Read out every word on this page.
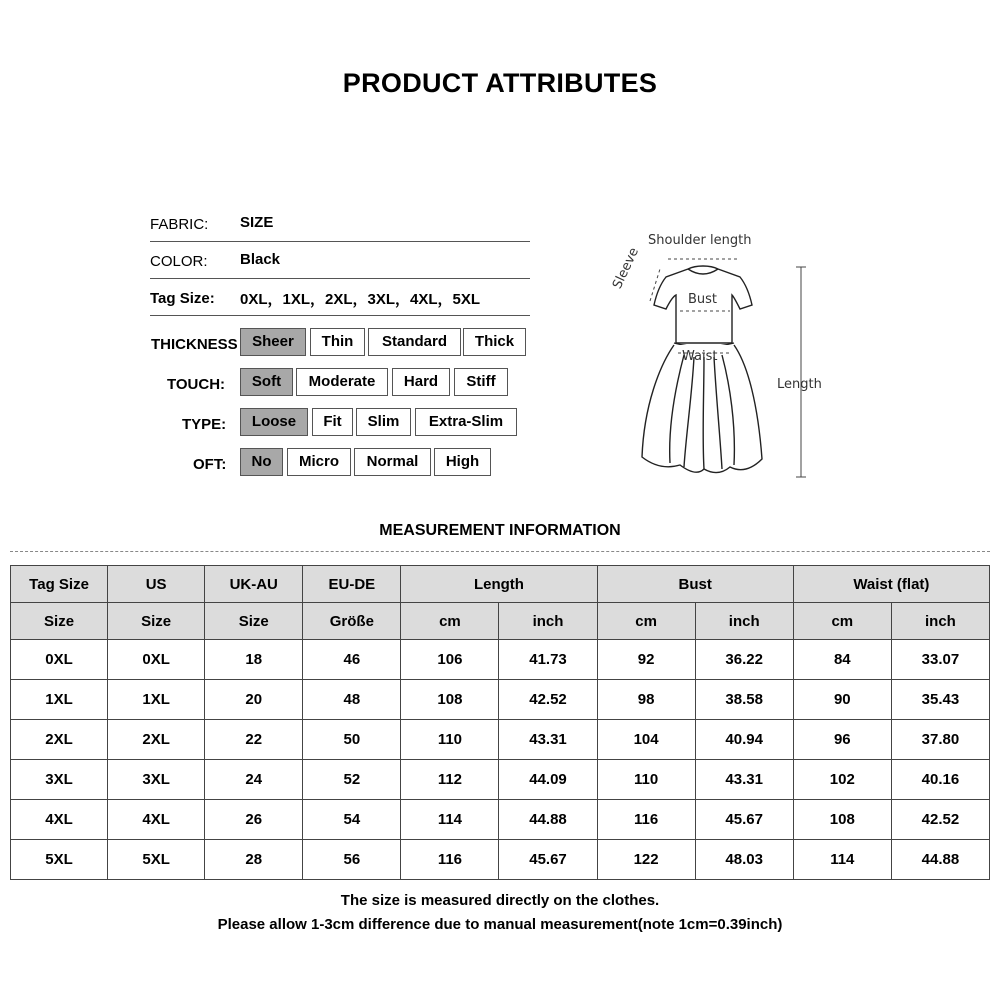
PRODUCT ATTRIBUTES
FABRIC: SIZE
COLOR: Black
Tag Size: 0XL，1XL，2XL，3XL，4XL，5XL
THICKNESS Sheer	Thin	Standard	Thick
TOUCH:	Soft	Moderate	Hard	Stiff
TYPE:	Loose	Fit	Slim	Extra-Slim
OFT:	No	Micro	Normal	High
Shoulder length
Sleeve
Bust
Waist
Length
MEASUREMENT INFORMATION
Tag Size	US	UK-AU	EU-DE	Length		Bust		Waist (flat)	
Size	Size	Size	Größe	cm	inch	cm	inch	cm	inch
0XL	0XL	18	46	106	41.73	92	36.22	84	33.07
1XL	1XL	20	48	108	42.52	98	38.58	90	35.43
2XL	2XL	22	50	110	43.31	104	40.94	96	37.80
3XL	3XL	24	52	112	44.09	110	43.31	102	40.16
4XL	4XL	26	54	114	44.88	116	45.67	108	42.52
5XL	5XL	28	56	116	45.67	122	48.03	114	44.88
The size is measured directly on the clothes.
Please allow 1-3cm difference due to manual measurement(note 1cm=0.39inch)
